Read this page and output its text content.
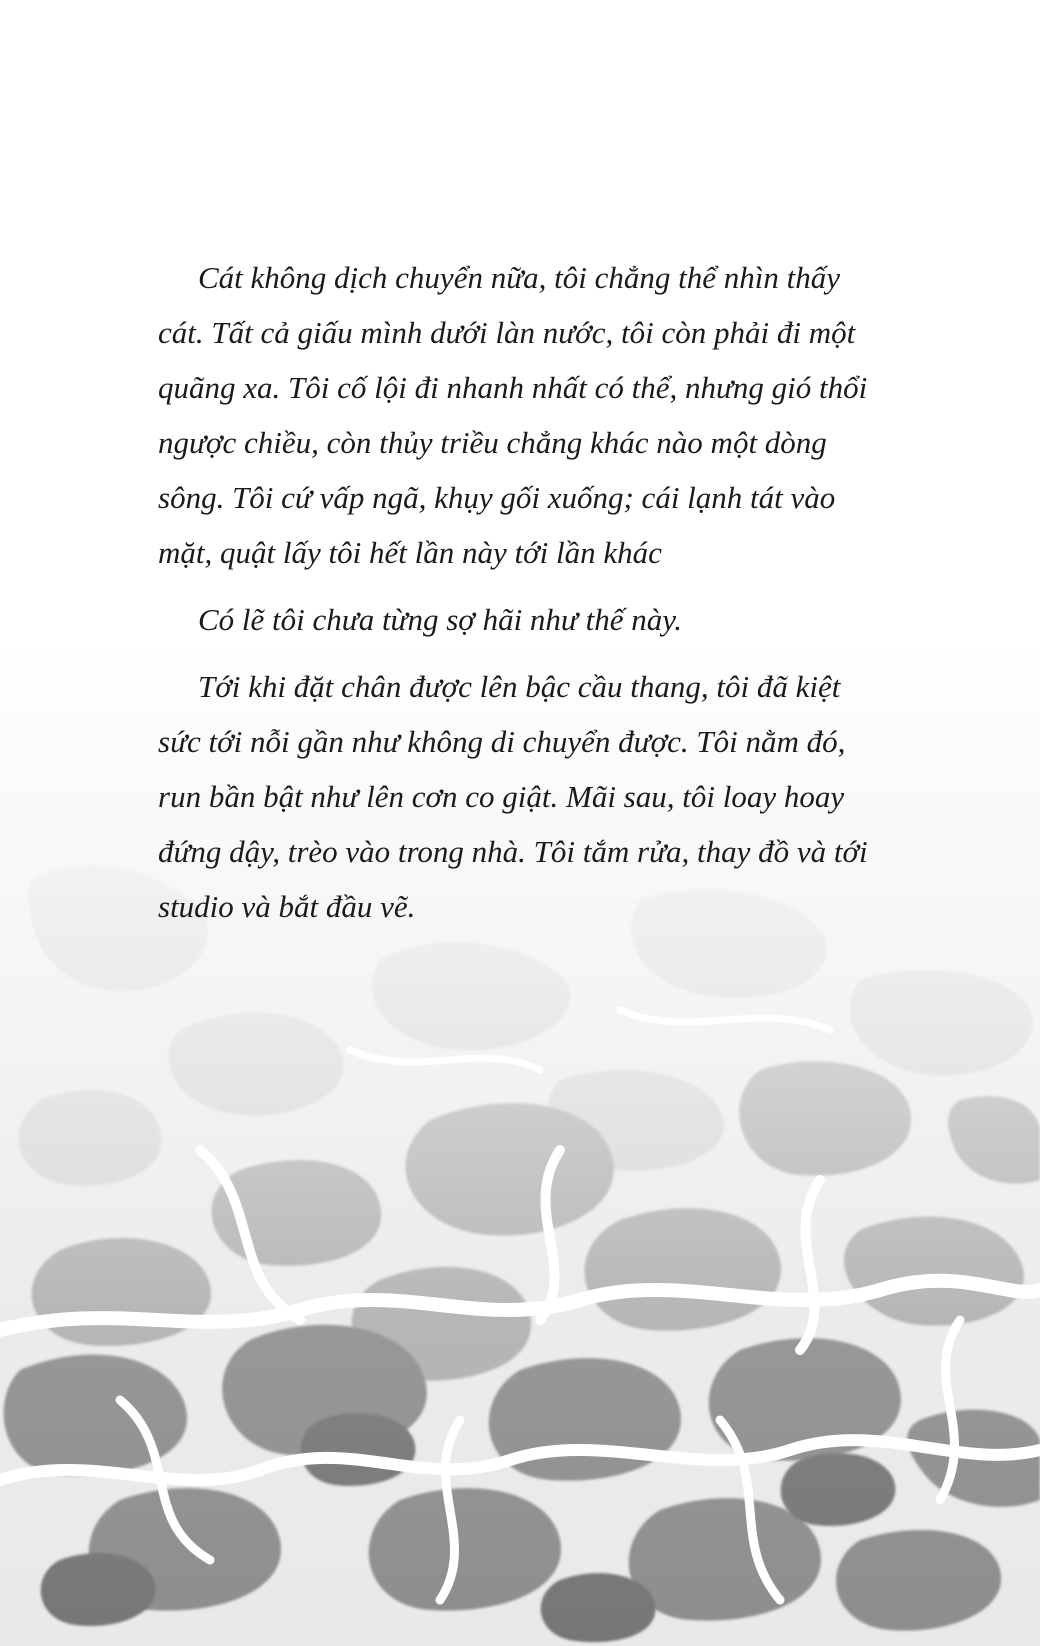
Cát không dịch chuyển nữa, tôi chẳng thể nhìn thấy cát. Tất cả giấu mình dưới làn nước, tôi còn phải đi một quãng xa. Tôi cố lội đi nhanh nhất có thể, nhưng gió thổi ngược chiều, còn thủy triều chẳng khác nào một dòng sông. Tôi cứ vấp ngã, khụy gối xuống; cái lạnh tát vào mặt, quật lấy tôi hết lần này tới lần khác

Có lẽ tôi chưa từng sợ hãi như thế này.

Tới khi đặt chân được lên bậc cầu thang, tôi đã kiệt sức tới nỗi gần như không di chuyển được. Tôi nằm đó, run bần bật như lên cơn co giật. Mãi sau, tôi loay hoay đứng dậy, trèo vào trong nhà. Tôi tắm rửa, thay đồ và tới studio và bắt đầu vẽ.
